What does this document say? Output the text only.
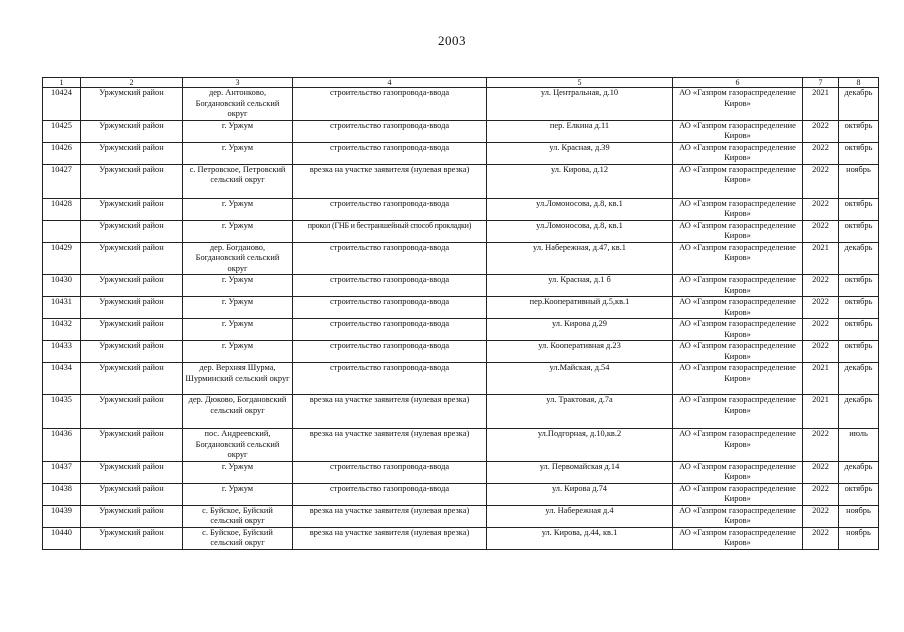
2003
1	2	3	4	5	6	7	8
10424	Уржумский район	дер. Антонково, Богдановский сельский округ	строительство газопровода-ввода	ул. Центральная, д.10	АО «Газпром газораспределение Киров»	2021	декабрь
10425	Уржумский район	г. Уржум	строительство газопровода-ввода	пер. Елкина д.11	АО «Газпром газораспределение Киров»	2022	октябрь
10426	Уржумский район	г. Уржум	строительство газопровода-ввода	ул. Красная, д.39	АО «Газпром газораспределение Киров»	2022	октябрь
10427	Уржумский район	с. Петровское, Петровский сельский округ	врезка на участке заявителя (нулевая врезка)	ул. Кирова, д.12	АО «Газпром газораспределение Киров»	2022	ноябрь
10428	Уржумский район	г. Уржум	строительство газопровода-ввода	ул.Ломоносова, д.8, кв.1	АО «Газпром газораспределение Киров»	2022	октябрь
	Уржумский район	г. Уржум	прокол (ГНБ и бестраншейный способ прокладки)	ул.Ломоносова, д.8, кв.1	АО «Газпром газораспределение Киров»	2022	октябрь
10429	Уржумский район	дер. Богданово, Богдановский сельский округ	строительство газопровода-ввода	ул. Набережная, д.47, кв.1	АО «Газпром газораспределение Киров»	2021	декабрь
10430	Уржумский район	г. Уржум	строительство газопровода-ввода	ул. Красная, д.1 б	АО «Газпром газораспределение Киров»	2022	октябрь
10431	Уржумский район	г. Уржум	строительство газопровода-ввода	пер.Кооперативный д.5,кв.1	АО «Газпром газораспределение Киров»	2022	октябрь
10432	Уржумский район	г. Уржум	строительство газопровода-ввода	ул. Кирова д.29	АО «Газпром газораспределение Киров»	2022	октябрь
10433	Уржумский район	г. Уржум	строительство газопровода-ввода	ул. Кооперативная д.23	АО «Газпром газораспределение Киров»	2022	октябрь
10434	Уржумский район	дер. Верхняя Шурма, Шурминский сельский округ	строительство газопровода-ввода	ул.Майская, д.54	АО «Газпром газораспределение Киров»	2021	декабрь
10435	Уржумский район	дер. Дюково, Богдановский сельский округ	врезка на участке заявителя (нулевая врезка)	ул. Трактовая, д.7а	АО «Газпром газораспределение Киров»	2021	декабрь
10436	Уржумский район	пос. Андреевский, Богдановский сельский округ	врезка на участке заявителя (нулевая врезка)	ул.Подгорная, д.10,кв.2	АО «Газпром газораспределение Киров»	2022	июль
10437	Уржумский район	г. Уржум	строительство газопровода-ввода	ул. Первомайская д.14	АО «Газпром газораспределение Киров»	2022	декабрь
10438	Уржумский район	г. Уржум	строительство газопровода-ввода	ул. Кирова д.74	АО «Газпром газораспределение Киров»	2022	октябрь
10439	Уржумский район	с. Буйское, Буйский сельский округ	врезка на участке заявителя (нулевая врезка)	ул. Набережная д.4	АО «Газпром газораспределение Киров»	2022	ноябрь
10440	Уржумский район	с. Буйское, Буйский сельский округ	врезка на участке заявителя (нулевая врезка)	ул. Кирова, д.44, кв.1	АО «Газпром газораспределение Киров»	2022	ноябрь
